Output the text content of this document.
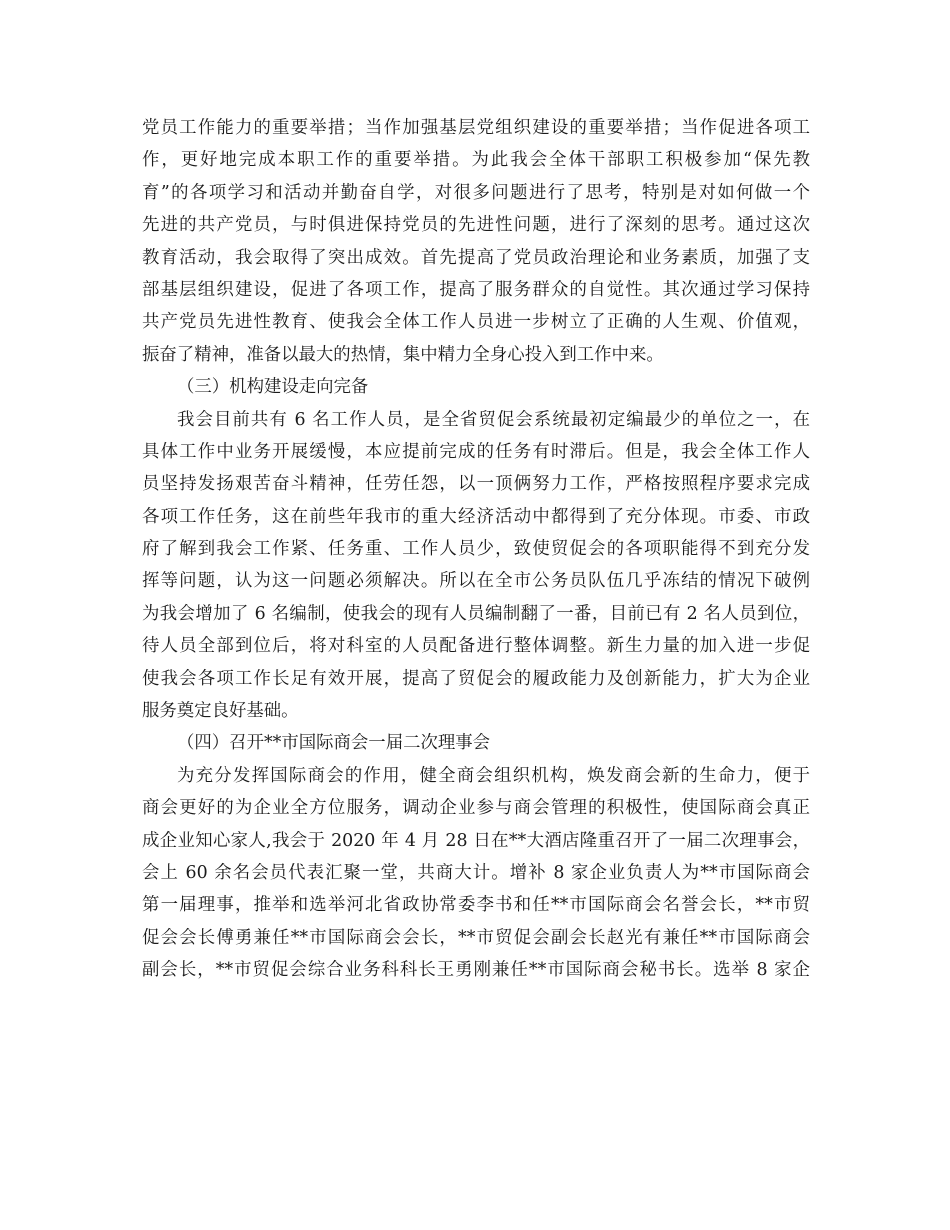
党员工作能力的重要举措；当作加强基层党组织建设的重要举措；当作促进各项工
作，更好地完成本职工作的重要举措。为此我会全体干部职工积极参加“保先教
育”的各项学习和活动并勤奋自学，对很多问题进行了思考，特别是对如何做一个
先进的共产党员，与时俱进保持党员的先进性问题，进行了深刻的思考。通过这次
教育活动，我会取得了突出成效。首先提高了党员政治理论和业务素质，加强了支
部基层组织建设，促进了各项工作，提高了服务群众的自觉性。其次通过学习保持
共产党员先进性教育、使我会全体工作人员进一步树立了正确的人生观、价值观，
振奋了精神，准备以最大的热情，集中精力全身心投入到工作中来。
（三）机构建设走向完备
我会目前共有 6 名工作人员，是全省贸促会系统最初定编最少的单位之一，在
具体工作中业务开展缓慢，本应提前完成的任务有时滞后。但是，我会全体工作人
员坚持发扬艰苦奋斗精神，任劳任怨，以一顶俩努力工作，严格按照程序要求完成
各项工作任务，这在前些年我市的重大经济活动中都得到了充分体现。市委、市政
府了解到我会工作紧、任务重、工作人员少，致使贸促会的各项职能得不到充分发
挥等问题，认为这一问题必须解决。所以在全市公务员队伍几乎冻结的情况下破例
为我会增加了 6 名编制，使我会的现有人员编制翻了一番，目前已有 2 名人员到位，
待人员全部到位后，将对科室的人员配备进行整体调整。新生力量的加入进一步促
使我会各项工作长足有效开展，提高了贸促会的履政能力及创新能力，扩大为企业
服务奠定良好基础。
（四）召开**市国际商会一届二次理事会
为充分发挥国际商会的作用，健全商会组织机构，焕发商会新的生命力，便于
商会更好的为企业全方位服务，调动企业参与商会管理的积极性，使国际商会真正
成企业知心家人,我会于 2020 年 4 月 28 日在**大酒店隆重召开了一届二次理事会，
会上 60 余名会员代表汇聚一堂，共商大计。增补 8 家企业负责人为**市国际商会
第一届理事，推举和选举河北省政协常委李书和任**市国际商会名誉会长，**市贸
促会会长傅勇兼任**市国际商会会长，**市贸促会副会长赵光有兼任**市国际商会
副会长，**市贸促会综合业务科科长王勇刚兼任**市国际商会秘书长。选举 8 家企
